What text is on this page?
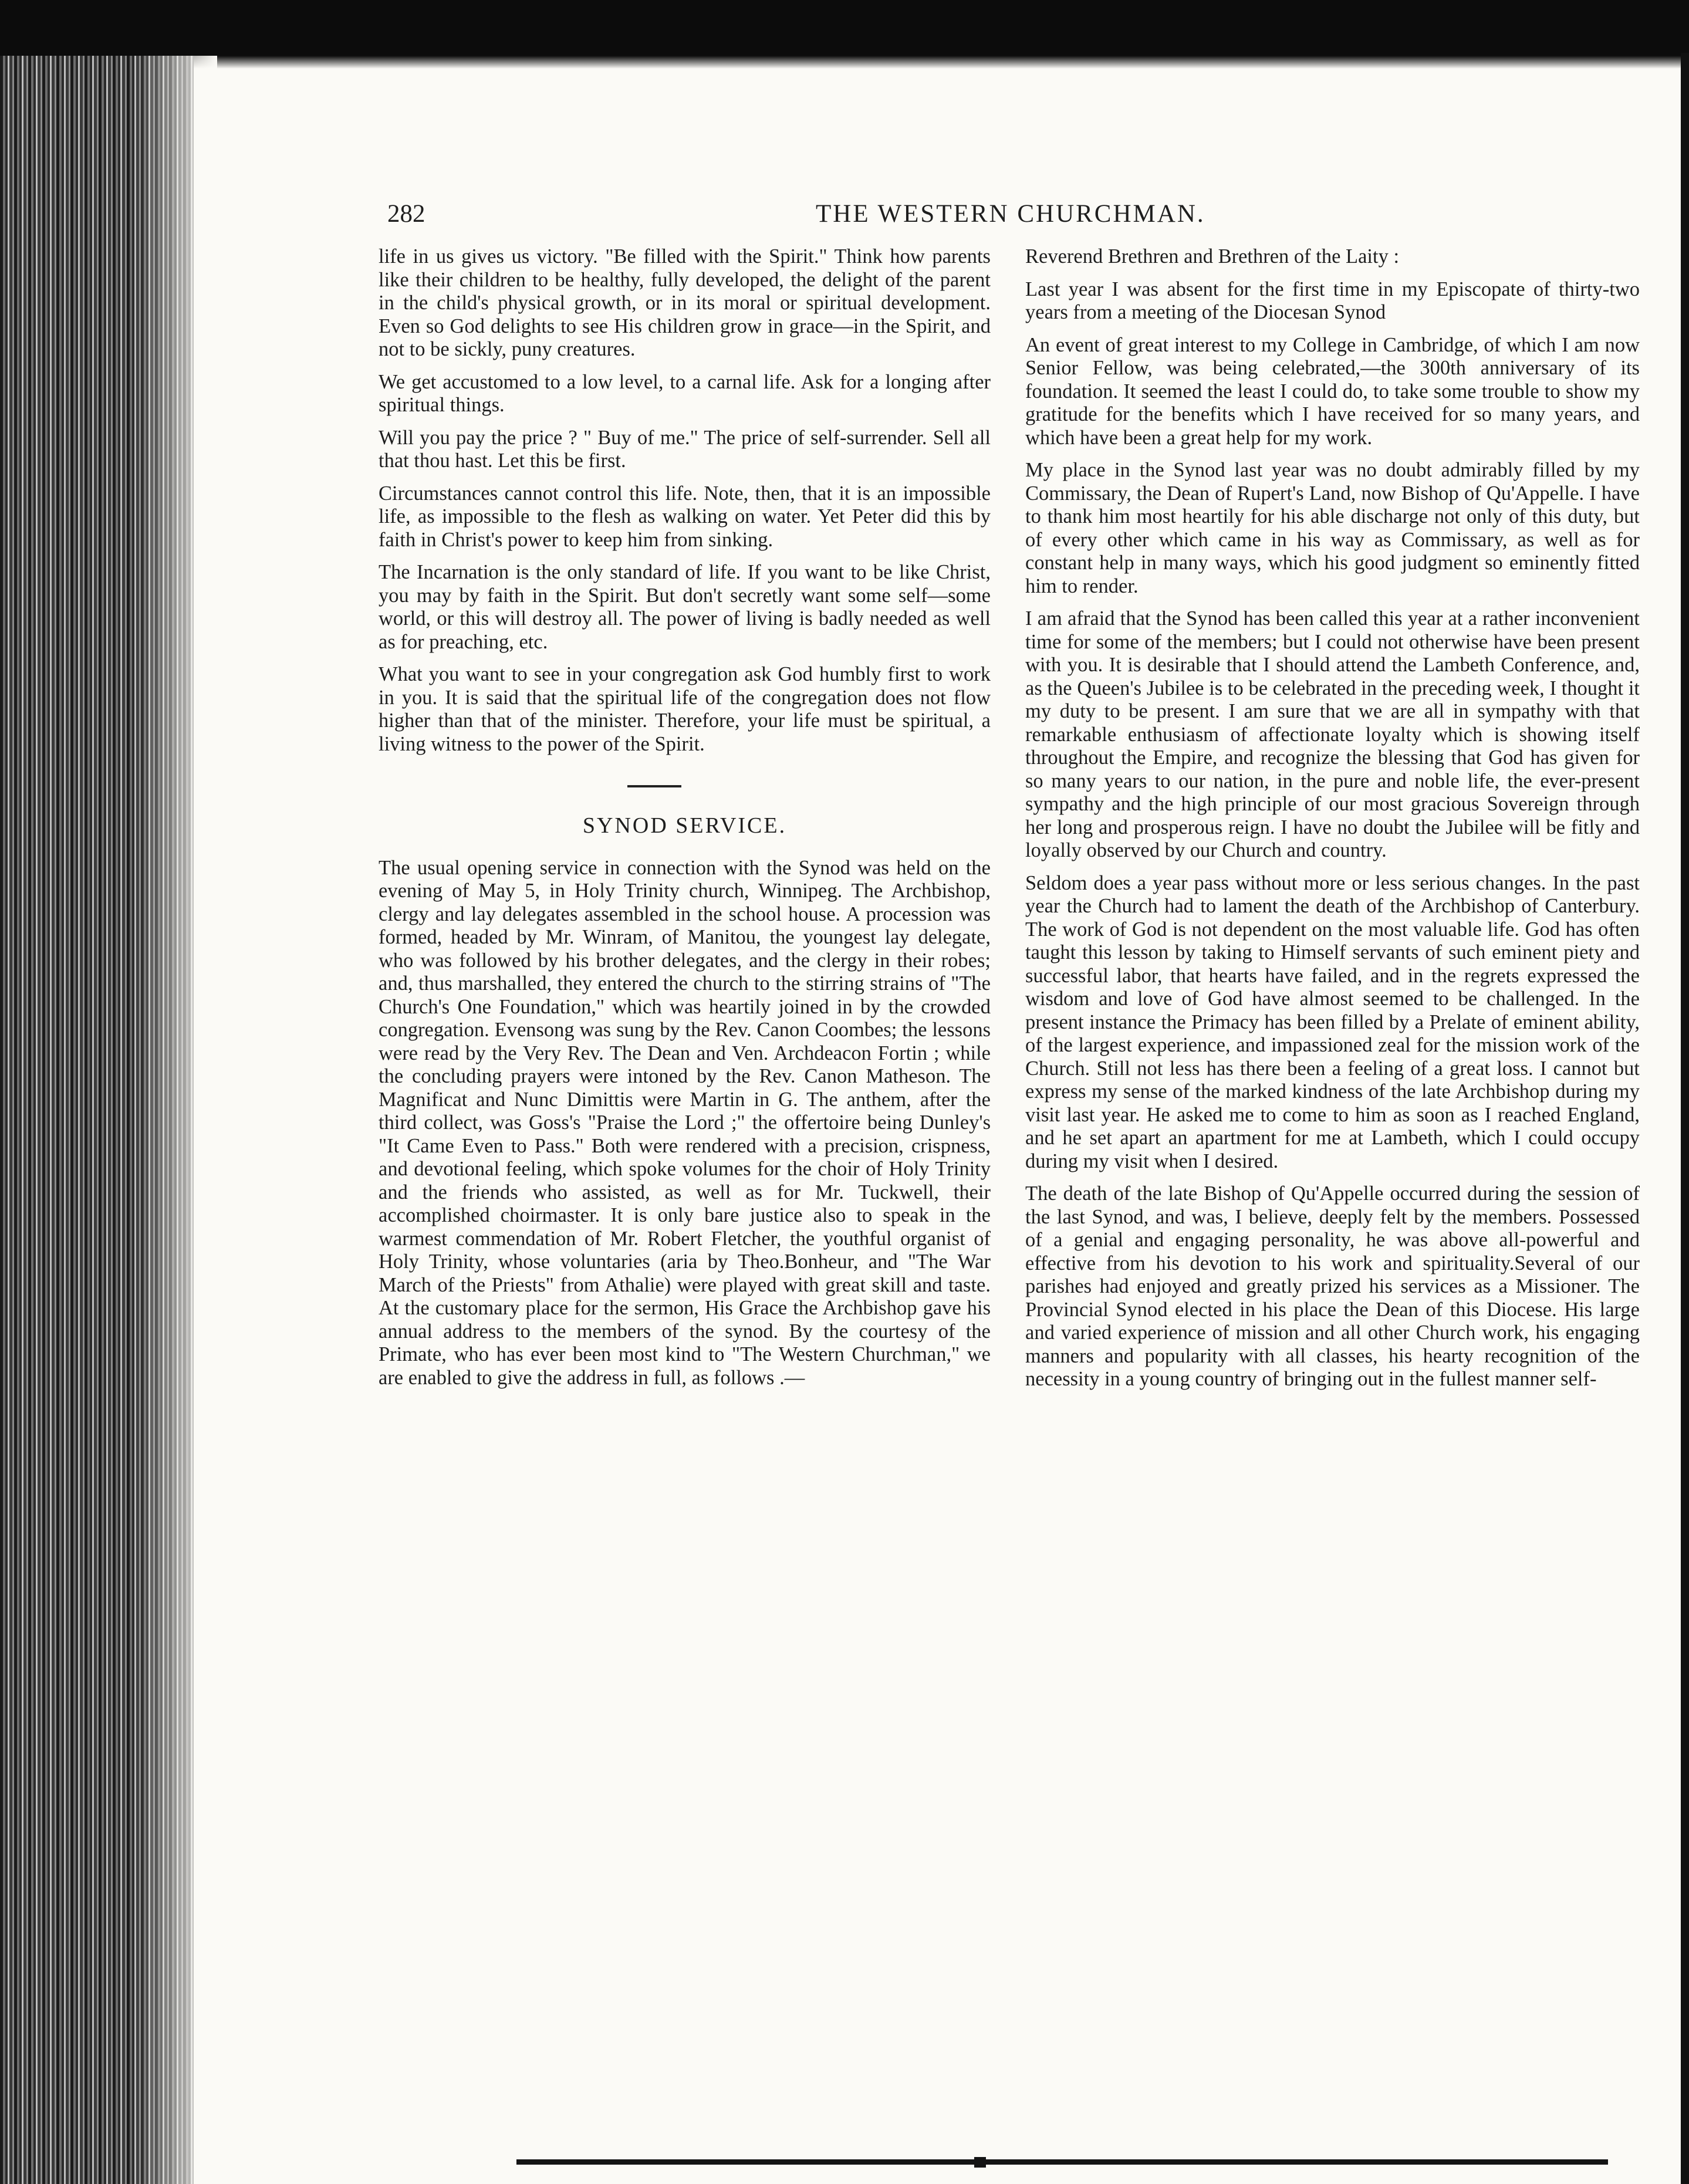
282	THE WESTERN CHURCHMAN.

life in us gives us victory. "Be filled with the Spirit." Think how parents like their children to be healthy, fully developed, the delight of the parent in the child's physical growth, or in its moral or spiritual development. Even so God delights to see His children grow in grace—in the Spirit, and not to be sickly, puny creatures.

We get accustomed to a low level, to a carnal life. Ask for a longing after spiritual things.

Will you pay the price ? " Buy of me." The price of self-surrender. Sell all that thou hast. Let this be first.

Circumstances cannot control this life. Note, then, that it is an impossible life, as impossible to the flesh as walking on water. Yet Peter did this by faith in Christ's power to keep him from sinking.

The Incarnation is the only standard of life. If you want to be like Christ, you may by faith in the Spirit. But don't secretly want some self—some world, or this will destroy all. The power of living is badly needed as well as for preaching, etc.

What you want to see in your congregation ask God humbly first to work in you. It is said that the spiritual life of the congregation does not flow higher than that of the minister. Therefore, your life must be spiritual, a living witness to the power of the Spirit.

SYNOD SERVICE.

The usual opening service in connection with the Synod was held on the evening of May 5, in Holy Trinity church, Winnipeg. The Archbishop, clergy and lay delegates assembled in the school house. A procession was formed, headed by Mr. Winram, of Manitou, the youngest lay delegate, who was followed by his brother delegates, and the clergy in their robes; and, thus marshalled, they entered the church to the stirring strains of "The Church's One Foundation," which was heartily joined in by the crowded congregation. Evensong was sung by the Rev. Canon Coombes; the lessons were read by the Very Rev. The Dean and Ven. Archdeacon Fortin ; while the concluding prayers were intoned by the Rev. Canon Matheson. The Magnificat and Nunc Dimittis were Martin in G. The anthem, after the third collect, was Goss's "Praise the Lord ;" the offertoire being Dunley's "It Came Even to Pass." Both were rendered with a precision, crispness, and devotional feeling, which spoke volumes for the choir of Holy Trinity and the friends who assisted, as well as for Mr. Tuckwell, their accomplished choirmaster. It is only bare justice also to speak in the warmest commendation of Mr. Robert Fletcher, the youthful organist of Holy Trinity, whose voluntaries (aria by Theo.Bonheur, and "The War March of the Priests" from Athalie) were played with great skill and taste. At the customary place for the sermon, His Grace the Archbishop gave his annual address to the members of the synod. By the courtesy of the Primate, who has ever been most kind to "The Western Churchman," we are enabled to give the address in full, as follows .—

Reverend Brethren and Brethren of the Laity :

Last year I was absent for the first time in my Episcopate of thirty-two years from a meeting of the Diocesan Synod

An event of great interest to my College in Cambridge, of which I am now Senior Fellow, was being celebrated,—the 300th anniversary of its foundation. It seemed the least I could do, to take some trouble to show my gratitude for the benefits which I have received for so many years, and which have been a great help for my work.

My place in the Synod last year was no doubt admirably filled by my Commissary, the Dean of Rupert's Land, now Bishop of Qu'Appelle. I have to thank him most heartily for his able discharge not only of this duty, but of every other which came in his way as Commissary, as well as for constant help in many ways, which his good judgment so eminently fitted him to render.

I am afraid that the Synod has been called this year at a rather inconvenient time for some of the members; but I could not otherwise have been present with you. It is desirable that I should attend the Lambeth Conference, and, as the Queen's Jubilee is to be celebrated in the preceding week, I thought it my duty to be present. I am sure that we are all in sympathy with that remarkable enthusiasm of affectionate loyalty which is showing itself throughout the Empire, and recognize the blessing that God has given for so many years to our nation, in the pure and noble life, the ever-present sympathy and the high principle of our most gracious Sovereign through her long and prosperous reign. I have no doubt the Jubilee will be fitly and loyally observed by our Church and country.

Seldom does a year pass without more or less serious changes. In the past year the Church had to lament the death of the Archbishop of Canterbury. The work of God is not dependent on the most valuable life. God has often taught this lesson by taking to Himself servants of such eminent piety and successful labor, that hearts have failed, and in the regrets expressed the wisdom and love of God have almost seemed to be challenged. In the present instance the Primacy has been filled by a Prelate of eminent ability, of the largest experience, and impassioned zeal for the mission work of the Church. Still not less has there been a feeling of a great loss. I cannot but express my sense of the marked kindness of the late Archbishop during my visit last year. He asked me to come to him as soon as I reached England, and he set apart an apartment for me at Lambeth, which I could occupy during my visit when I desired.

The death of the late Bishop of Qu'Appelle occurred during the session of the last Synod, and was, I believe, deeply felt by the members. Possessed of a genial and engaging personality, he was above all-powerful and effective from his devotion to his work and spirituality.Several of our parishes had enjoyed and greatly prized his services as a Missioner. The Provincial Synod elected in his place the Dean of this Diocese. His large and varied experience of mission and all other Church work, his engaging manners and popularity with all classes, his hearty recognition of the necessity in a young country of bringing out in the fullest manner self-
